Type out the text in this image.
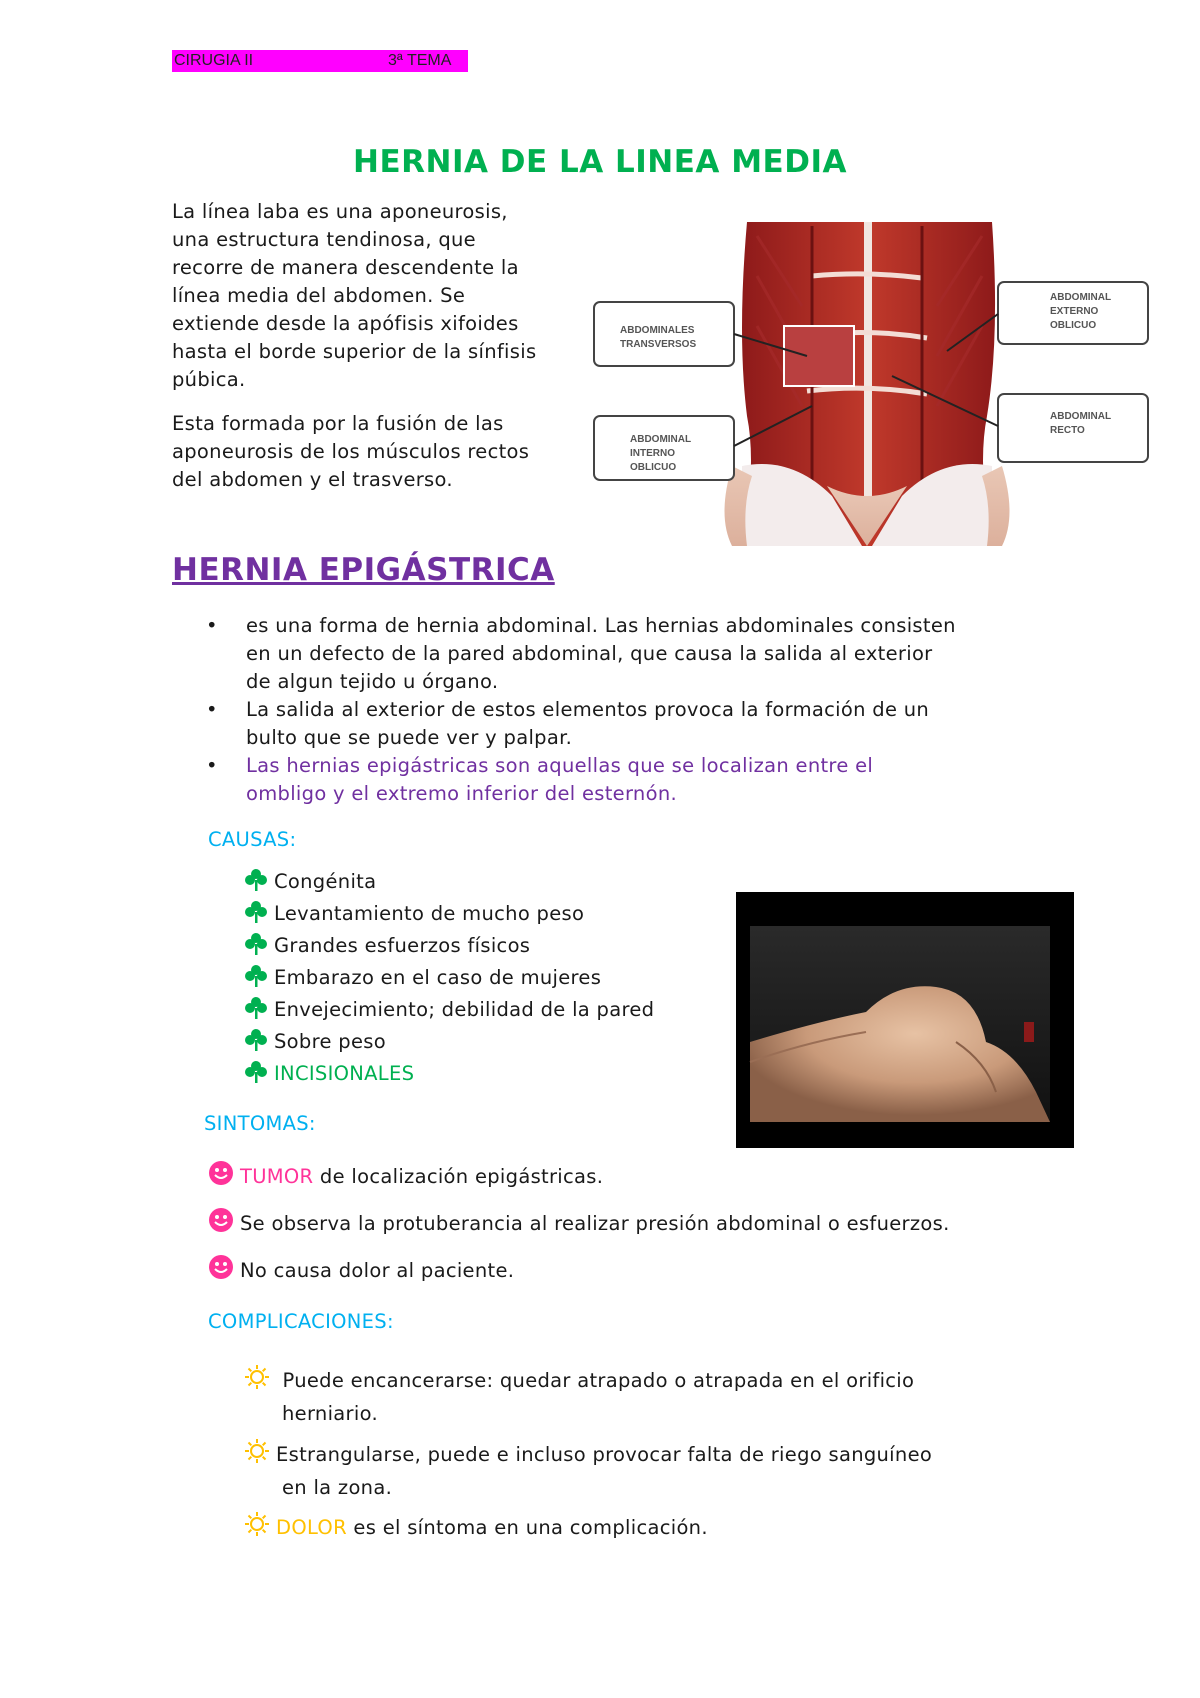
CIRUGIA II	3ª TEMA
HERNIA DE LA LINEA MEDIA
La línea laba es una aponeurosis,
una estructura tendinosa, que
recorre de manera descendente la
línea media del abdomen. Se
extiende desde la apófisis xifoides
hasta el borde superior de la sínfisis
púbica.
Esta formada por la fusión de las
aponeurosis de los músculos rectos
del abdomen y el trasverso.
ABDOMINALES
TRANSVERSOS
ABDOMINAL
INTERNO
OBLICUO
ABDOMINAL
EXTERNO
OBLICUO
ABDOMINAL
RECTO
HERNIA EPIGÁSTRICA
• es una forma de hernia abdominal. Las hernias abdominales consisten
en un defecto de la pared abdominal, que causa la salida al exterior
de algun tejido u órgano.
• La salida al exterior de estos elementos provoca la formación de un
bulto que se puede ver y palpar.
• Las hernias epigástricas son aquellas que se localizan entre el
ombligo y el extremo inferior del esternón.
CAUSAS:
Congénita
Levantamiento de mucho peso
Grandes esfuerzos físicos
Embarazo en el caso de mujeres
Envejecimiento; debilidad de la pared
Sobre peso
INCISIONALES
SINTOMAS:
TUMOR de localización epigástricas.
Se observa la protuberancia al realizar presión abdominal o esfuerzos.
No causa dolor al paciente.
COMPLICACIONES:
Puede encancerarse: quedar atrapado o atrapada en el orificio
herniario.
Estrangularse, puede e incluso provocar falta de riego sanguíneo
en la zona.
DOLOR es el síntoma en una complicación.
